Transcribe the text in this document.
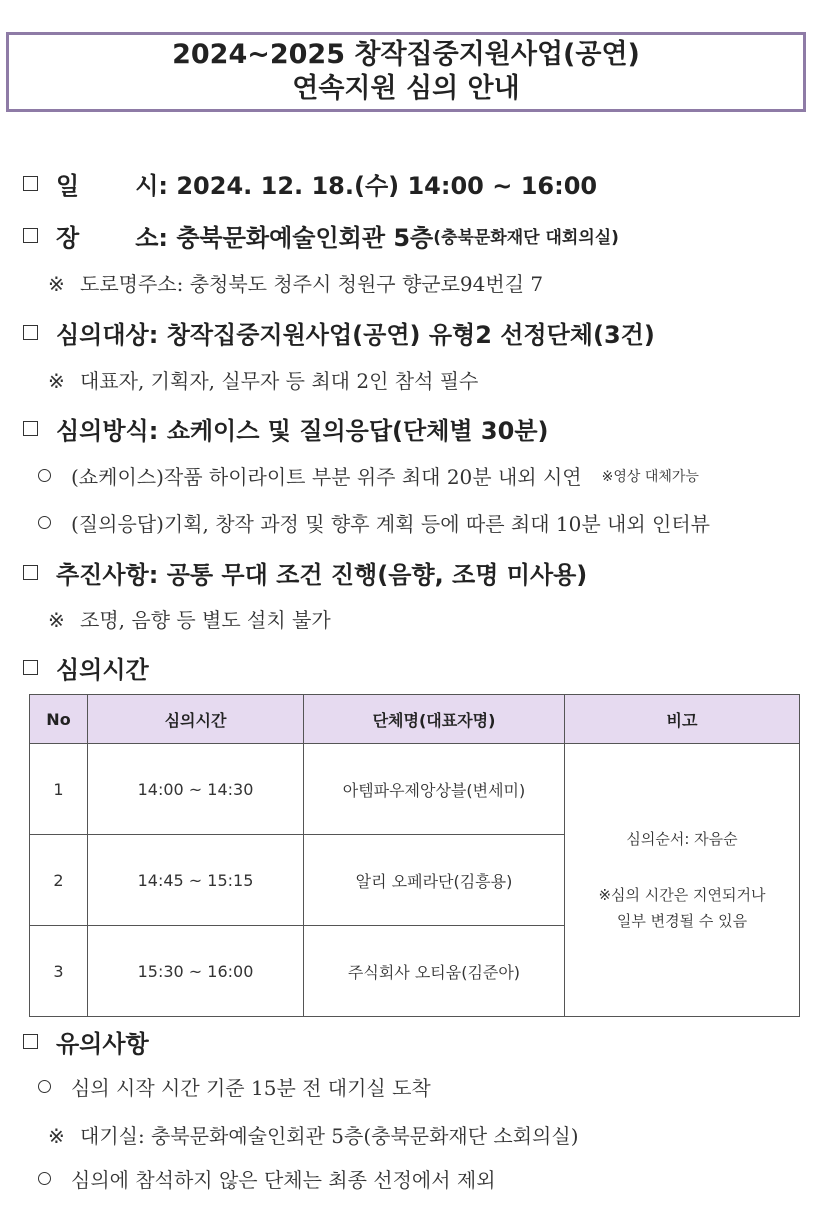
2024~2025 창작집중지원사업(공연)
연속지원 심의 안내
일 시:
2024. 12. 18.(수) 14:00 ~ 16:00
장 소:
충북문화예술인회관 5층 (충북문화재단 대회의실)
※ 도로명주소: 충청북도 청주시 청원구 향군로94번길 7
심의대상: 창작집중지원사업(공연) 유형2 선정단체(3건)
※ 대표자, 기획자, 실무자 등 최대 2인 참석 필수
심의방식: 쇼케이스 및 질의응답(단체별 30분)
(쇼케이스)작품 하이라이트 부분 위주 최대 20분 내외 시연 ※영상 대체가능
(질의응답)기획, 창작 과정 및 향후 계획 등에 따른 최대 10분 내외 인터뷰
추진사항: 공통 무대 조건 진행(음향, 조명 미사용)
※ 조명, 음향 등 별도 설치 불가
심의시간
No	심의시간	단체명(대표자명)	비고
1	14:00 ~ 14:30	아템파우제앙상블(변세미)	심의순서: 자음순
※심의 시간은 지연되거나
일부 변경될 수 있음

2	14:45 ~ 15:15	알리 오페라단(김흥용)	
3	15:30 ~ 16:00	주식회사 오티움(김준아)	
유의사항
심의 시작 시간 기준 15분 전 대기실 도착
※ 대기실: 충북문화예술인회관 5층(충북문화재단 소회의실)
심의에 참석하지 않은 단체는 최종 선정에서 제외
